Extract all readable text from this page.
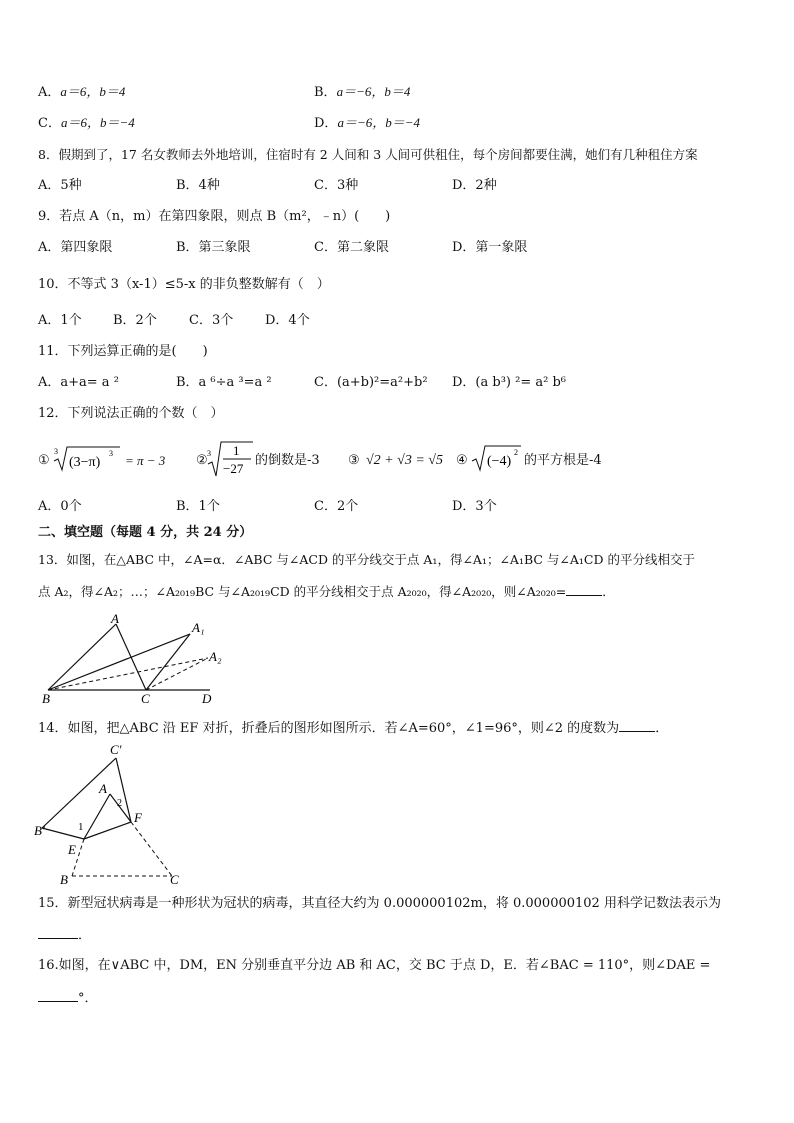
A．a＝6，b＝4	B．a＝−6，b＝4
C．a＝6，b＝−4	D．a＝−6，b＝−4
8．假期到了，17 名女教师去外地培训，住宿时有 2 人间和 3 人间可供租住，每个房间都要住满，她们有几种租住方案
A．5种	B．4种	C．3种	D．2种
9．若点 A（n，m）在第四象限，则点 B（m²，﹣n）(　　)
A．第四象限	B．第三象限	C．第二象限	D．第一象限
10．不等式 3（x-1）≤5-x 的非负整数解有（　）
A．1个 B．2个 C．3个 D．4个
11．下列运算正确的是(　　)
A．a+a= a ²	B．a ⁶÷a ³=a ²	C．(a+b)²=a²+b² D．(a b³) ²= a² b⁶
12．下列说法正确的个数（　）
①
3
(3−π)
3 = π − 3 ② 3 1
−27
的倒数是-3 ③ √2 + √3 = √5 ④ (−4)
2
的平方根是-4
A．0个	B．1个	C．2个	D．3个
二、填空题（每题 4 分，共 24 分）
13．如图，在△ABC 中，∠A=α．∠ABC 与∠ACD 的平分线交于点 A₁，得∠A₁；∠A₁BC 与∠A₁CD 的平分线相交于
点 A₂，得∠A₂；…；∠A₂₀₁₉BC 与∠A₂₀₁₉CD 的平分线相交于点 A₂₀₂₀，得∠A₂₀₂₀，则∠A₂₀₂₀=	．
A
A₁
A₂
B	C	D
14．如图，把△ABC 沿 EF 对折，折叠后的图形如图所示．若∠A=60°，∠1=96°，则∠2 的度数为	．
C′
A
2
B′	1
F
E
B	C
15．新型冠状病毒是一种形状为冠状的病毒，其直径大约为 0.000000102m，将 0.000000102 用科学记数法表示为
．
16.如图，在∨ABC 中，DM，EN 分别垂直平分边 AB 和 AC，交 BC 于点 D，E．若∠BAC = 110°，则∠DAE =
°．
